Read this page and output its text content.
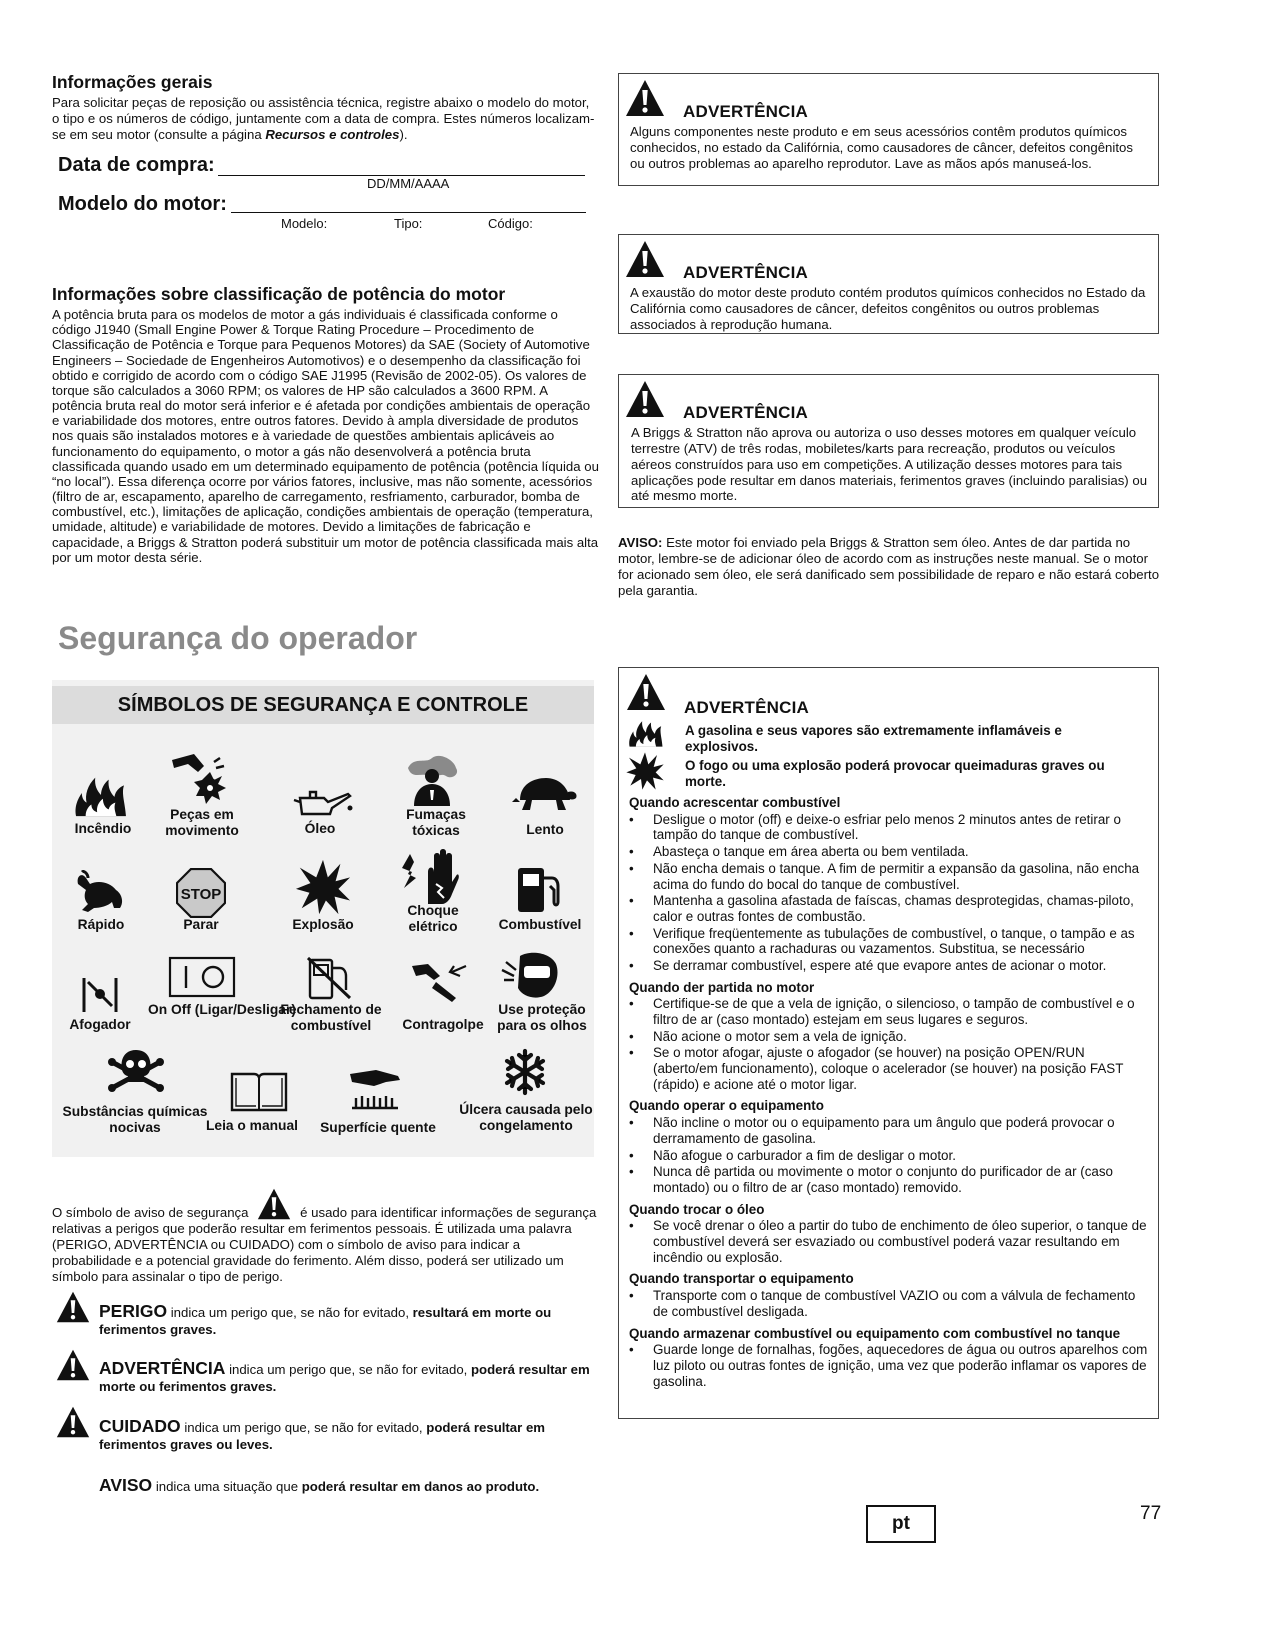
Informações gerais

Para solicitar peças de reposição ou assistência técnica, registre abaixo o modelo do motor, o tipo e os números de código, juntamente com a data de compra. Estes números localizam-se em seu motor (consulte a página Recursos e controles).

Data de compra:
DD/MM/AAAA
Modelo do motor:
Modelo:	Tipo:	Código:
Informações sobre classificação de potência do motor

A potência bruta para os modelos de motor a gás individuais é classificada conforme o código J1940 (Small Engine Power & Torque Rating Procedure – Procedimento de Classificação de Potência e Torque para Pequenos Motores) da SAE (Society of Automotive Engineers – Sociedade de Engenheiros Automotivos) e o desempenho da classificação foi obtido e corrigido de acordo com o código SAE J1995 (Revisão de 2002-05). Os valores de torque são calculados a 3060 RPM; os valores de HP são calculados a 3600 RPM. A potência bruta real do motor será inferior e é afetada por condições ambientais de operação e variabilidade dos motores, entre outros fatores. Devido à ampla diversidade de produtos nos quais são instalados motores e à variedade de questões ambientais aplicáveis ao funcionamento do equipamento, o motor a gás não desenvolverá a potência bruta classificada quando usado em um determinado equipamento de potência (potência líquida ou “no local”). Essa diferença ocorre por vários fatores, inclusive, mas não somente, acessórios (filtro de ar, escapamento, aparelho de carregamento, resfriamento, carburador, bomba de combustível, etc.), limitações de aplicação, condições ambientais de operação (temperatura, umidade, altitude) e variabilidade de motores. Devido a limitações de fabricação e capacidade, a Briggs & Stratton poderá substituir um motor de potência classificada mais alta por um motor desta série.

ADVERTÊNCIA

Alguns componentes neste produto e em seus acessórios contêm produtos químicos conhecidos, no estado da Califórnia, como causadores de câncer, defeitos congênitos ou outros problemas ao aparelho reprodutor. Lave as mãos após manuseá-los.

ADVERTÊNCIA

A exaustão do motor deste produto contém produtos químicos conhecidos no Estado da Califórnia como causadores de câncer, defeitos congênitos ou outros problemas associados à reprodução humana.

ADVERTÊNCIA

A Briggs & Stratton não aprova ou autoriza o uso desses motores em qualquer veículo terrestre (ATV) de três rodas, mobiletes/karts para recreação, produtos ou veículos aéreos construídos para uso em competições. A utilização desses motores para tais aplicações pode resultar em danos materiais, ferimentos graves (incluindo paralisias) ou até mesmo morte.

AVISO: Este motor foi enviado pela Briggs & Stratton sem óleo. Antes de dar partida no motor, lembre-se de adicionar óleo de acordo com as instruções neste manual. Se o motor for acionado sem óleo, ele será danificado sem possibilidade de reparo e não estará coberto pela garantia.

Segurança do operador
SÍMBOLOS DE SEGURANÇA E CONTROLE
Incêndio
Peças em movimento	Óleo
Fumaças tóxicas	Lento
Rápido
STOP
Parar	Explosão
Choque elétrico	Combustível
Afogador
On Off (Ligar/Desligar)
Fechamento de combustível	Contragolpe
Use proteção para os olhos
Substâncias químicas nocivas	Leia o manual	Superfície quente
Úlcera causada pelo congelamento

O símbolo de aviso de segurança	é usado para identificar informações de segurança relativas a perigos que poderão resultar em ferimentos pessoais. É utilizada uma palavra (PERIGO, ADVERTÊNCIA ou CUIDADO) com o símbolo de aviso para indicar a probabilidade e a potencial gravidade do ferimento. Além disso, poderá ser utilizado um símbolo para assinalar o tipo de perigo.

PERIGO indica um perigo que, se não for evitado, resultará em morte ou ferimentos graves.

ADVERTÊNCIA indica um perigo que, se não for evitado, poderá resultar em morte ou ferimentos graves.

CUIDADO indica um perigo que, se não for evitado, poderá resultar em ferimentos graves ou leves.

AVISO indica uma situação que poderá resultar em danos ao produto.

ADVERTÊNCIA

A gasolina e seus vapores são extremamente inflamáveis e explosivos.

O fogo ou uma explosão poderá provocar queimaduras graves ou morte.

Quando acrescentar combustível
• Desligue o motor (off) e deixe-o esfriar pelo menos 2 minutos antes de retirar o tampão do tanque de combustível.
• Abasteça o tanque em área aberta ou bem ventilada.
• Não encha demais o tanque. A fim de permitir a expansão da gasolina, não encha acima do fundo do bocal do tanque de combustível.
• Mantenha a gasolina afastada de faíscas, chamas desprotegidas, chamas-piloto, calor e outras fontes de combustão.
• Verifique freqüentemente as tubulações de combustível, o tanque, o tampão e as conexões quanto a rachaduras ou vazamentos. Substitua, se necessário
• Se derramar combustível, espere até que evapore antes de acionar o motor.
Quando der partida no motor
• Certifique-se de que a vela de ignição, o silencioso, o tampão de combustível e o filtro de ar (caso montado) estejam em seus lugares e seguros.
• Não acione o motor sem a vela de ignição.
• Se o motor afogar, ajuste o afogador (se houver) na posição OPEN/RUN (aberto/em funcionamento), coloque o acelerador (se houver) na posição FAST (rápido) e acione até o motor ligar.
Quando operar o equipamento
• Não incline o motor ou o equipamento para um ângulo que poderá provocar o derramamento de gasolina.
• Não afogue o carburador a fim de desligar o motor.
• Nunca dê partida ou movimente o motor o conjunto do purificador de ar (caso montado) ou o filtro de ar (caso montado) removido.
Quando trocar o óleo
• Se você drenar o óleo a partir do tubo de enchimento de óleo superior, o tanque de combustível deverá ser esvaziado ou combustível poderá vazar resultando em incêndio ou explosão.
Quando transportar o equipamento
• Transporte com o tanque de combustível VAZIO ou com a válvula de fechamento de combustível desligada.
Quando armazenar combustível ou equipamento com combustível no tanque
• Guarde longe de fornalhas, fogões, aquecedores de água ou outros aparelhos com luz piloto ou outras fontes de ignição, uma vez que poderão inflamar os vapores de gasolina.
pt	77
